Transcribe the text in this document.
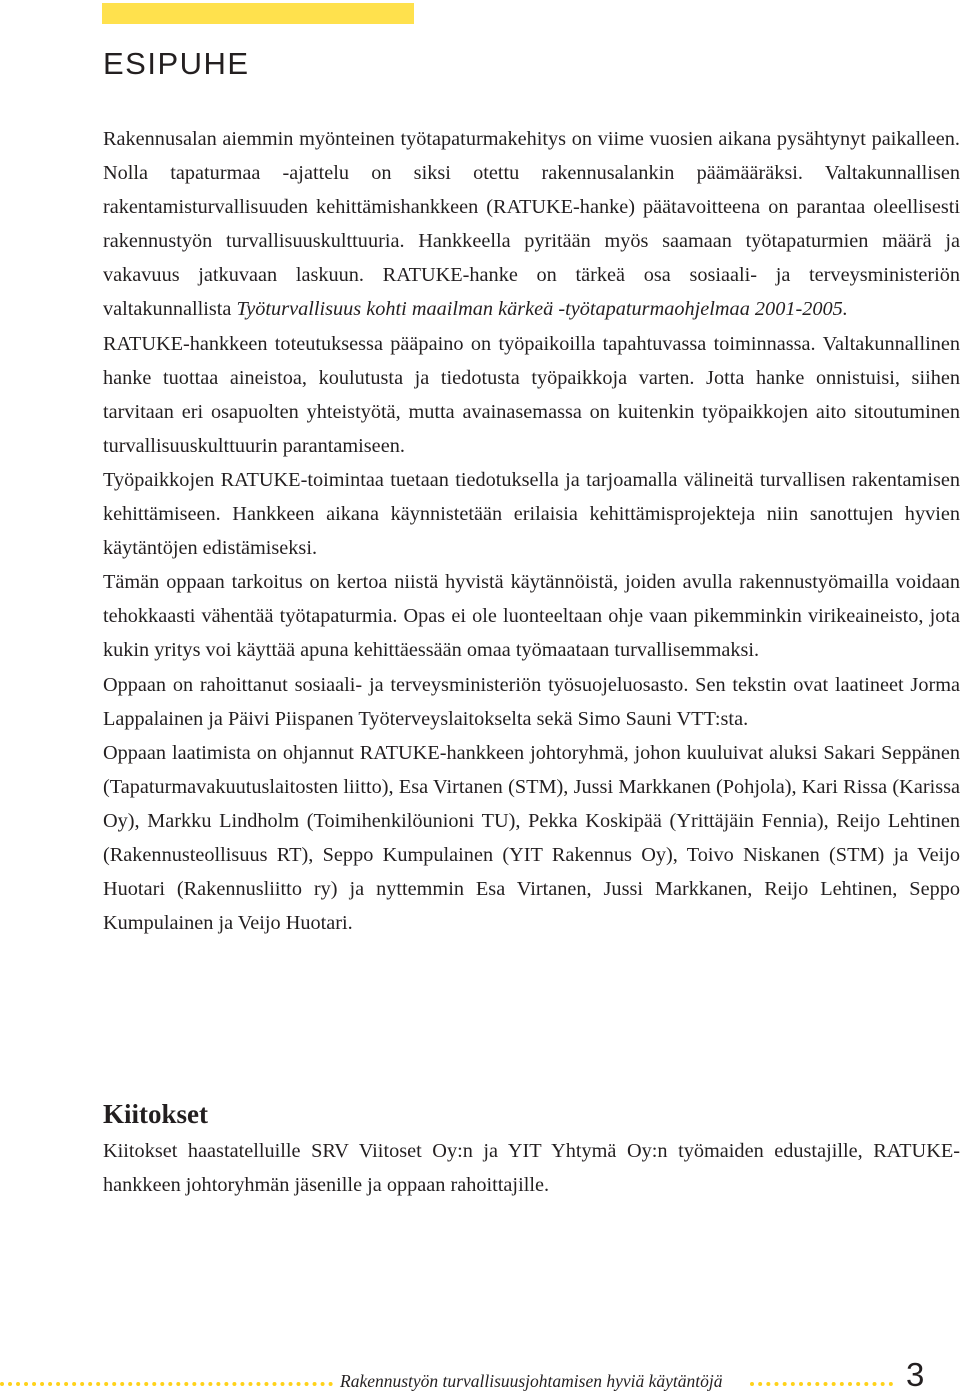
ESIPUHE

Rakennusalan aiemmin myönteinen työtapaturmakehitys on viime vuosien aikana pysähtynyt paikalleen. Nolla tapaturmaa -ajattelu on siksi otettu rakennusalankin päämääräksi. Valtakunnallisen rakentamisturvallisuuden kehittämishankkeen (RATUKE-hanke) päätavoitteena on parantaa oleellisesti rakennustyön turvallisuuskulttuuria. Hankkeella pyritään myös saamaan työtapaturmien määrä ja vakavuus jatkuvaan laskuun. RATUKE-hanke on tärkeä osa sosiaali- ja terveysministeriön valtakunnallista Työturvallisuus kohti maailman kärkeä -työtapaturmaohjelmaa 2001-2005.

RATUKE-hankkeen toteutuksessa pääpaino on työpaikoilla tapahtuvassa toiminnassa. Valtakunnallinen hanke tuottaa aineistoa, koulutusta ja tiedotusta työpaikkoja varten. Jotta hanke onnistuisi, siihen tarvitaan eri osapuolten yhteistyötä, mutta avainasemassa on kuitenkin työpaikkojen aito sitoutuminen turvallisuuskulttuurin parantamiseen.

Työpaikkojen RATUKE-toimintaa tuetaan tiedotuksella ja tarjoamalla välineitä turvallisen rakentamisen kehittämiseen. Hankkeen aikana käynnistetään erilaisia kehittämisprojekteja niin sanottujen hyvien käytäntöjen edistämiseksi.

Tämän oppaan tarkoitus on kertoa niistä hyvistä käytännöistä, joiden avulla rakennustyömailla voidaan tehokkaasti vähentää työtapaturmia. Opas ei ole luonteeltaan ohje vaan pikemminkin virikeaineisto, jota kukin yritys voi käyttää apuna kehittäessään omaa työmaataan turvallisemmaksi.

Oppaan on rahoittanut sosiaali- ja terveysministeriön työsuojeluosasto. Sen tekstin ovat laatineet Jorma Lappalainen ja Päivi Piispanen Työterveyslaitokselta sekä Simo Sauni VTT:sta.

Oppaan laatimista on ohjannut RATUKE-hankkeen johtoryhmä, johon kuuluivat aluksi Sakari Seppänen (Tapaturmavakuutuslaitosten liitto), Esa Virtanen (STM), Jussi Markkanen (Pohjola), Kari Rissa (Karissa Oy), Markku Lindholm (Toimihenkilöunioni TU), Pekka Koskipää (Yrittäjäin Fennia), Reijo Lehtinen (Rakennusteollisuus RT), Seppo Kumpulainen (YIT Rakennus Oy), Toivo Niskanen (STM) ja Veijo Huotari (Rakennusliitto ry) ja nyttemmin Esa Virtanen, Jussi Markkanen, Reijo Lehtinen, Seppo Kumpulainen ja Veijo Huotari.

Kiitokset

Kiitokset haastatelluille SRV Viitoset Oy:n ja YIT Yhtymä Oy:n työmaiden edustajille, RATUKE-hankkeen johtoryhmän jäsenille ja oppaan rahoittajille.

Rakennustyön turvallisuusjohtamisen hyviä käytäntöjä	3
